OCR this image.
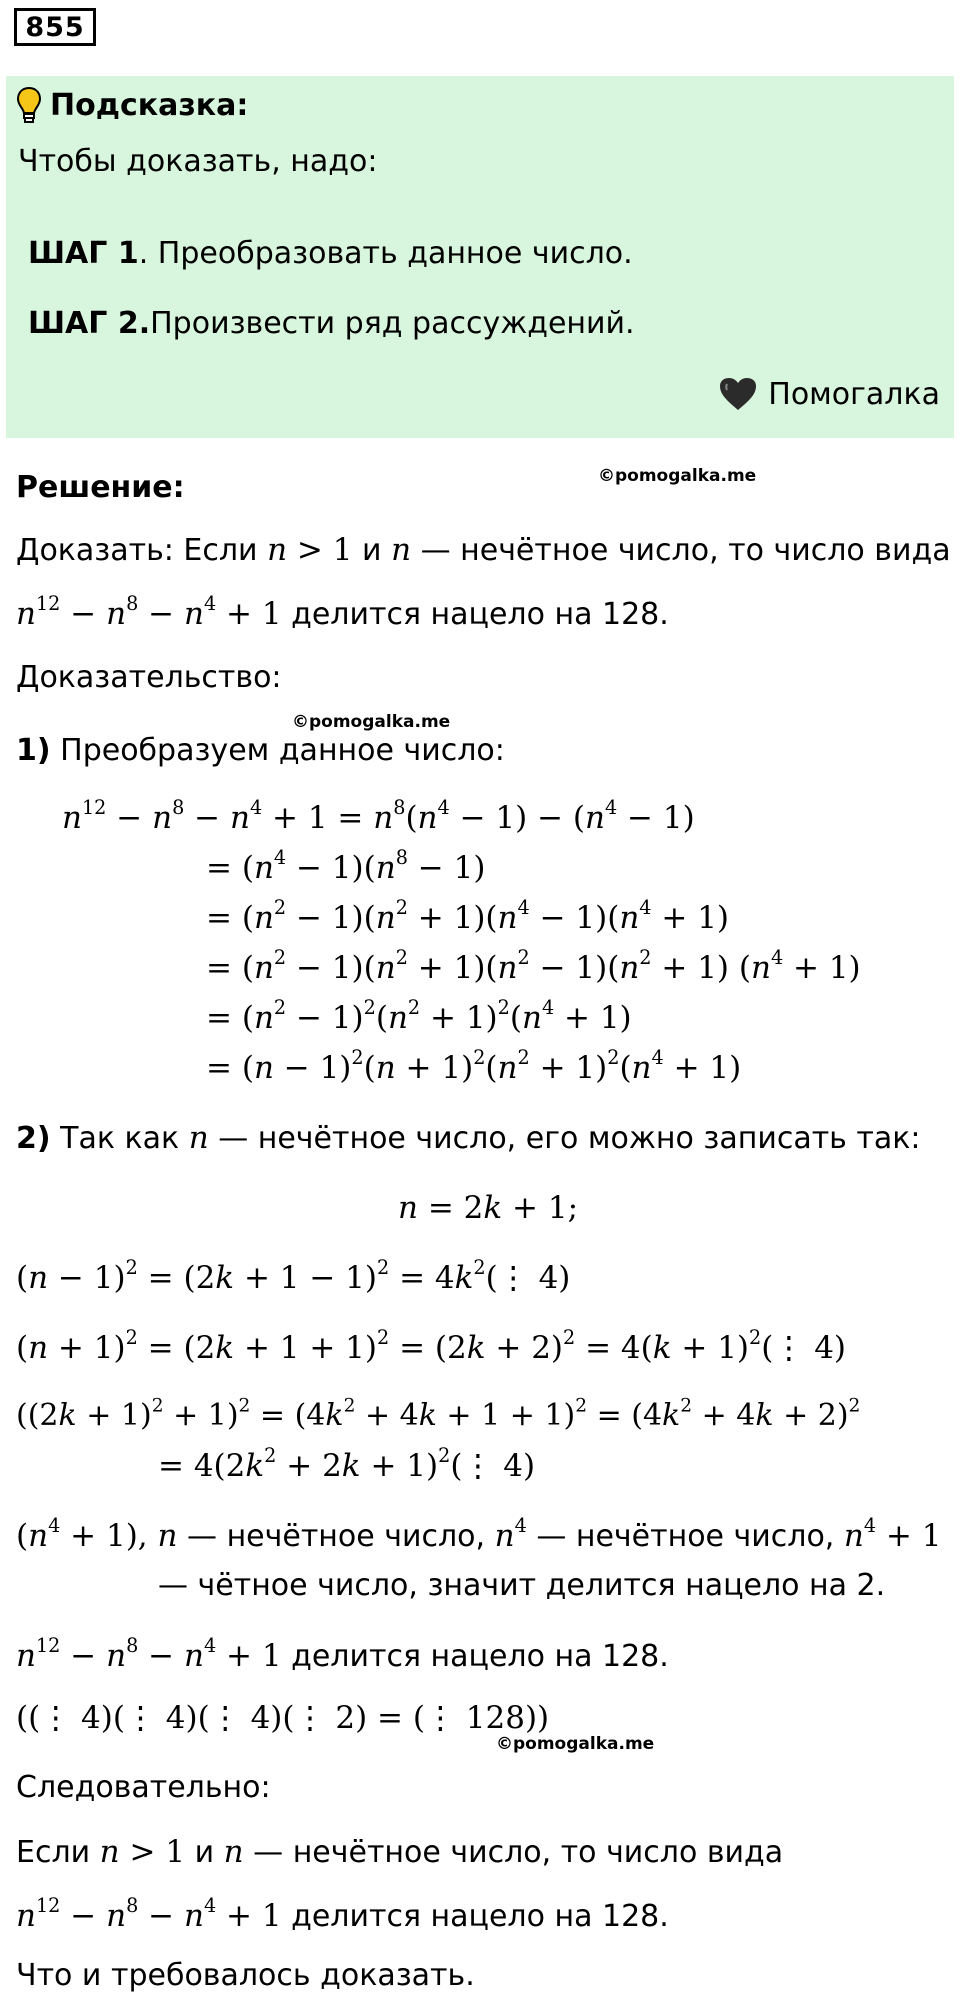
855
Подсказка:
Чтобы доказать, надо:
ШАГ 1. Преобразовать данное число.
ШАГ 2.Произвести ряд рассуждений.
Помогалка
Решение:	©pomogalka.me
Доказать: Если n > 1 и n — нечётное число, то число вида
$n^{12} - n^8 - n^4 + 1$ делится нацело на 128.
Доказательство:
©pomogalka.me
1) Преобразуем данное число:
$n^{12} - n^8 - n^4 + 1 = n^8(n^4 - 1) - (n^4 - 1)$
= $(n^4 - 1)(n^8 - 1)$
= $(n^2 - 1)(n^2 + 1)(n^4 - 1)(n^4 + 1)$
= $(n^2 - 1)(n^2 + 1)(n^2 - 1)(n^2 + 1) (n^4 + 1)$
= $(n^2 - 1)^2(n^2 + 1)^2(n^4 + 1)$
= $(n - 1)^2(n + 1)^2(n^2 + 1)^2(n^4 + 1)$
2) Так как n — нечётное число, его можно записать так:
n = 2k + 1;
$(n - 1)^2 = (2k + 1 - 1)^2$ = $4k^2(⋮$ 4)
$(n + 1)^2 = (2k + 1 + 1)^2 = (2k + 2)^2 = 4(k$ + $1)^2(⋮$ 4)
$((2k + 1)^2 + 1)^2 = (4k^2 + 4k + 1 + 1)^2 = (4k^2 + 4k + 2)^2$
= $4(2k^2 + 2k$ + $1)^2(⋮$ 4)
$(n^4 + 1)$, n — нечётное число, $n^4$ — нечётное число, $n^4 + 1$
— чётное число, значит делится нацело на 2.
$n^{12} - n^8 - n^4 + 1$ делится нацело на 128.
((⋮ 4)(⋮ 4)(⋮ 4)(⋮ 2) = (⋮ 128))
©pomogalka.me
Следовательно:
Если n > 1 и n — нечётное число, то число вида
$n^{12} - n^8 - n^4 + 1$ делится нацело на 128.
Что и требовалось доказать.
